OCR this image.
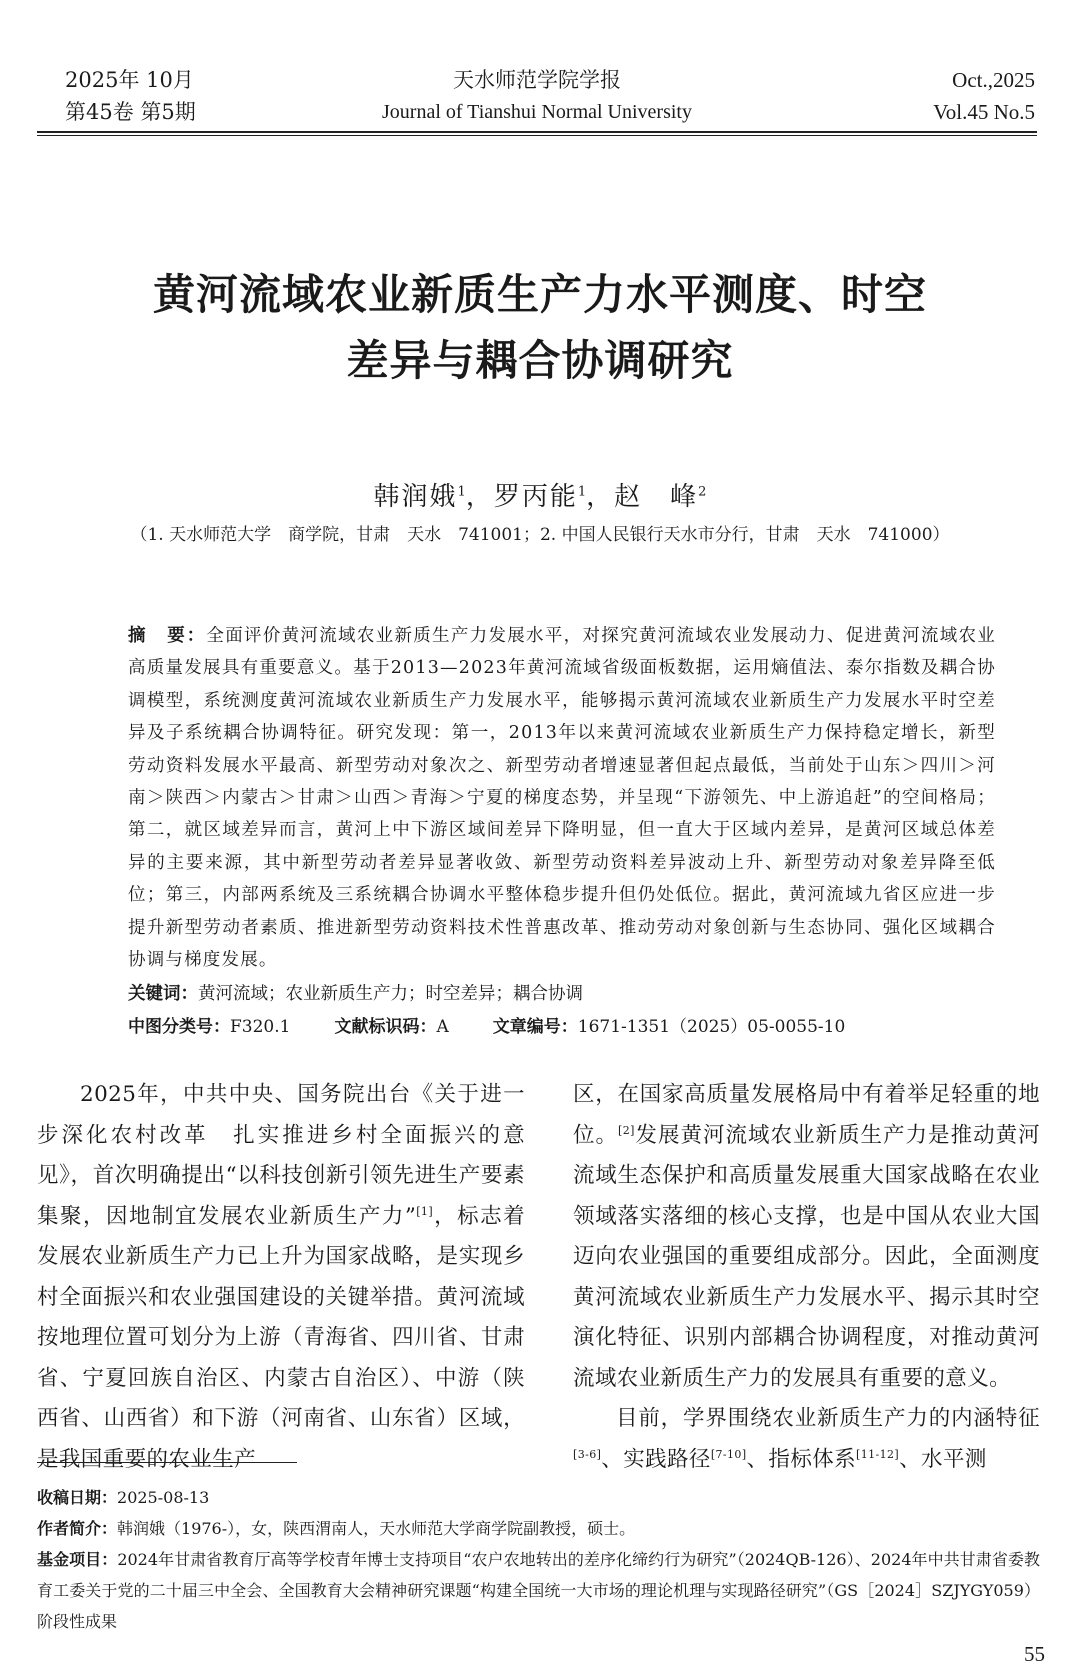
2025年 10月
第45卷 第5期
天水师范学院学报
Journal of Tianshui Normal University
Oct.,2025
Vol.45 No.5
黄河流域农业新质生产力水平测度、时空
差异与耦合协调研究
韩润娥$^1$，罗丙能$^1$，赵　峰$^2$
（1. 天水师范大学　商学院，甘肃　天水　741001；2. 中国人民银行天水市分行，甘肃　天水　741000）
摘　要：全面评价黄河流域农业新质生产力发展水平，对探究黄河流域农业发展动力、促进黄河流域农业高质量发展具有重要意义。基于2013—2023年黄河流域省级面板数据，运用熵值法、泰尔指数及耦合协调模型，系统测度黄河流域农业新质生产力发展水平，能够揭示黄河流域农业新质生产力发展水平时空差异及子系统耦合协调特征。研究发现：第一，2013年以来黄河流域农业新质生产力保持稳定增长，新型劳动资料发展水平最高、新型劳动对象次之、新型劳动者增速显著但起点最低，当前处于山东＞四川＞河南＞陕西＞内蒙古＞甘肃＞山西＞青海＞宁夏的梯度态势，并呈现“下游领先、中上游追赶”的空间格局；第二，就区域差异而言，黄河上中下游区域间差异下降明显，但一直大于区域内差异，是黄河区域总体差异的主要来源，其中新型劳动者差异显著收敛、新型劳动资料差异波动上升、新型劳动对象差异降至低位；第三，内部两系统及三系统耦合协调水平整体稳步提升但仍处低位。据此，黄河流域九省区应进一步提升新型劳动者素质、推进新型劳动资料技术性普惠改革、推动劳动对象创新与生态协同、强化区域耦合协调与梯度发展。
关键词：黄河流域；农业新质生产力；时空差异；耦合协调
中图分类号：F320.1	文献标识码：A	文章编号：1671-1351（2025）05-0055-10

2025年，中共中央、国务院出台《关于进一步深化农村改革　扎实推进乡村全面振兴的意见》，首次明确提出“以科技创新引领先进生产要素集聚，因地制宜发展农业新质生产力”[1]，标志着发展农业新质生产力已上升为国家战略，是实现乡村全面振兴和农业强国建设的关键举措。黄河流域按地理位置可划分为上游（青海省、四川省、甘肃省、宁夏回族自治区、内蒙古自治区）、中游（陕西省、山西省）和下游（河南省、山东省）区域，是我国重要的农业生产

区，在国家高质量发展格局中有着举足轻重的地位。[2]发展黄河流域农业新质生产力是推动黄河流域生态保护和高质量发展重大国家战略在农业领域落实落细的核心支撑，也是中国从农业大国迈向农业强国的重要组成部分。因此，全面测度黄河流域农业新质生产力发展水平、揭示其时空演化特征、识别内部耦合协调程度，对推动黄河流域农业新质生产力的发展具有重要的意义。

目前，学界围绕农业新质生产力的内涵特征[3-6]、实践路径[7-10]、指标体系[11-12]、水平测

收稿日期：2025-08-13

作者简介：韩润娥（1976-），女，陕西渭南人，天水师范大学商学院副教授，硕士。

基金项目：2024年甘肃省教育厅高等学校青年博士支持项目“农户农地转出的差序化缔约行为研究”（2024QB-126）、2024年中共甘肃省委教育工委关于党的二十届三中全会、全国教育大会精神研究课题“构建全国统一大市场的理论机理与实现路径研究”（GS［2024］SZJYGY059）阶段性成果

55
